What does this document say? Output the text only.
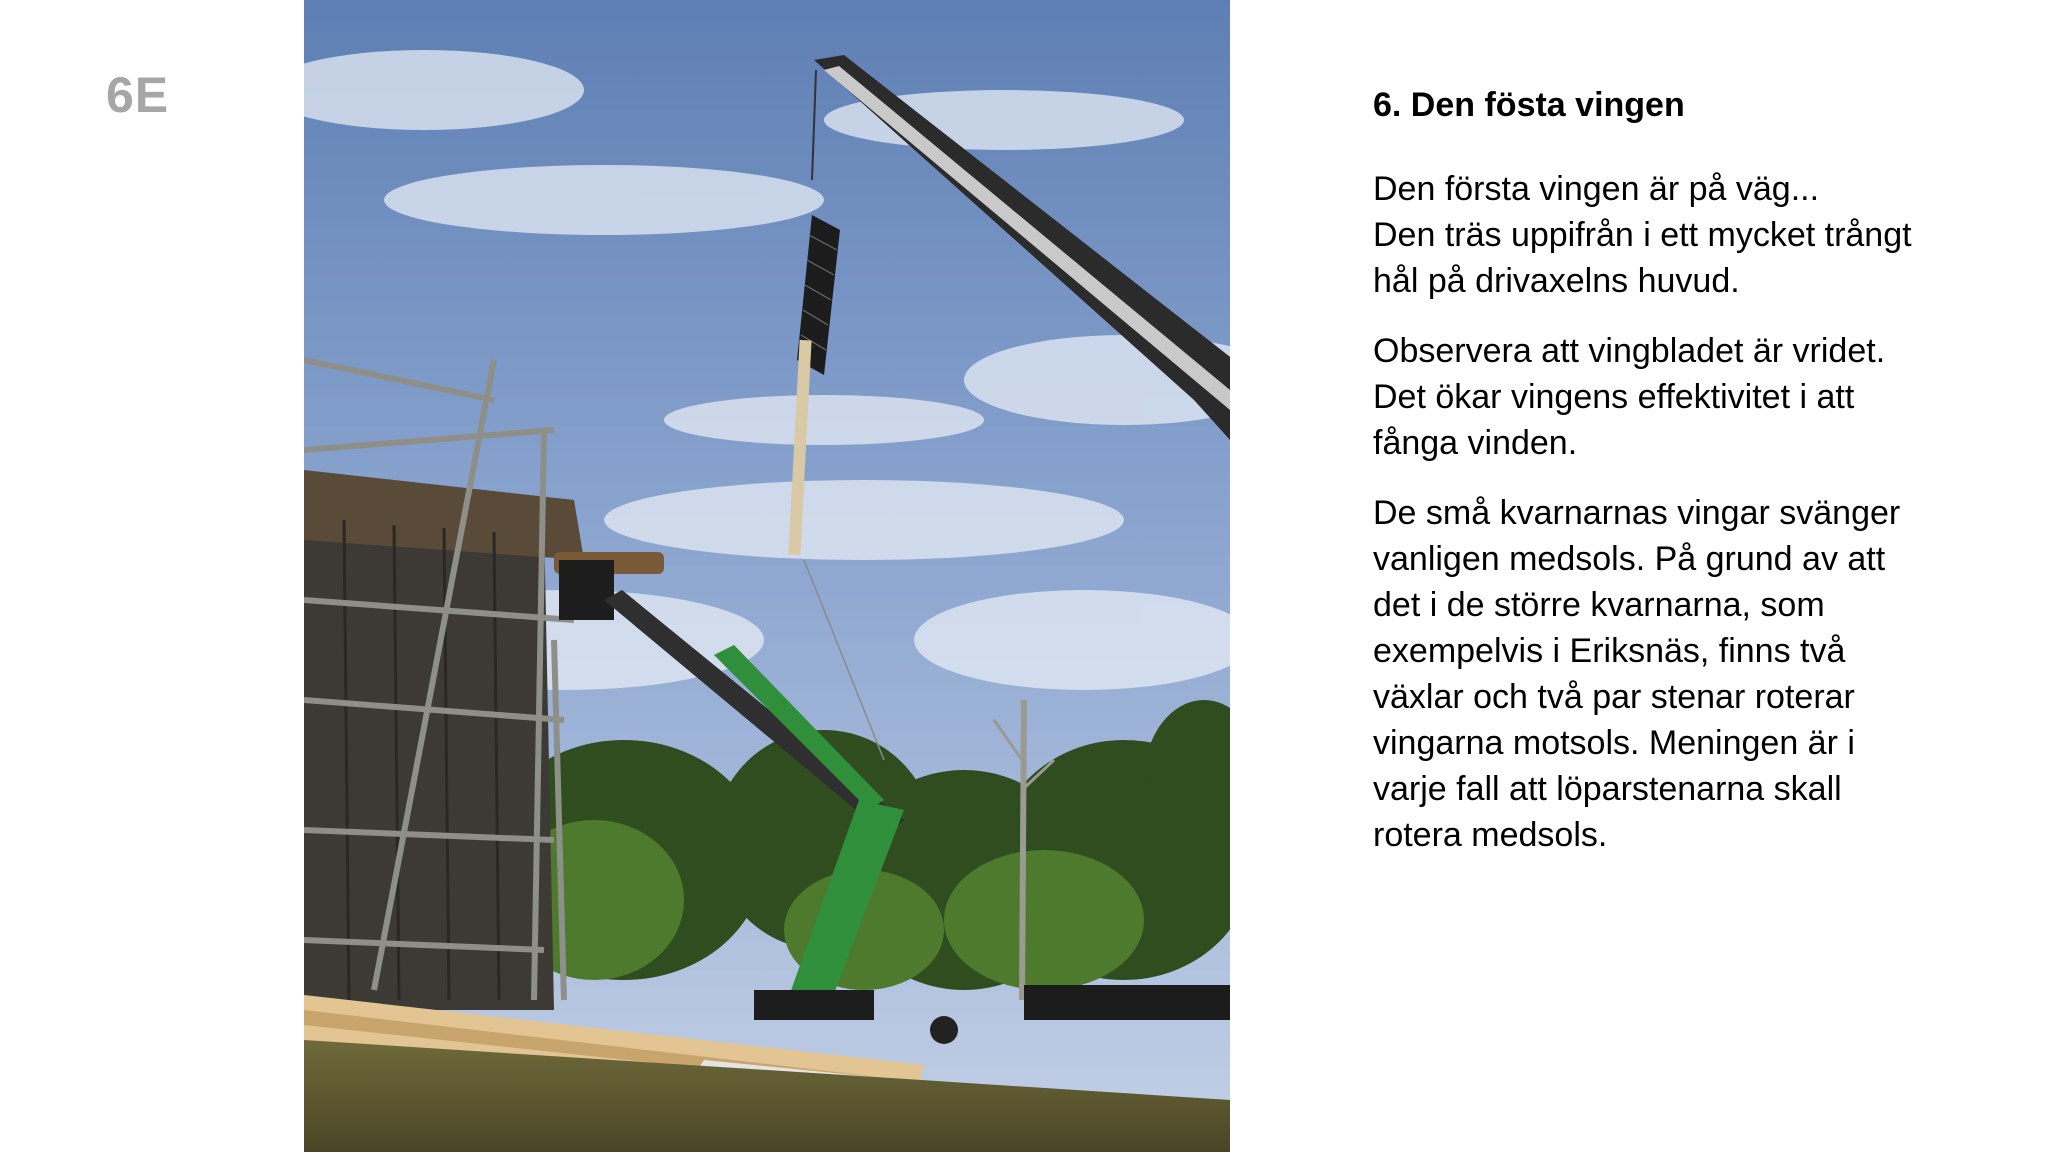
6E	6. Den fösta vingen
Den första vingen är på väg...
Den träs uppifrån i ett mycket trångt
hål på drivaxelns huvud.
Observera att vingbladet är vridet.
Det ökar vingens effektivitet i att
fånga vinden.
De små kvarnarnas vingar svänger
vanligen medsols. På grund av att
det i de större kvarnarna, som
exempelvis i Eriksnäs, finns två
växlar och två par stenar roterar
vingarna motsols. Meningen är i
varje fall att löparstenarna skall
rotera medsols.
